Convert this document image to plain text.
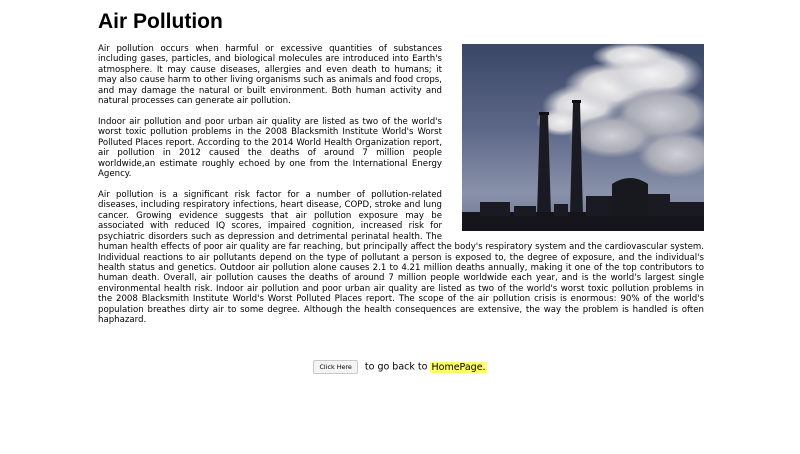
Air Pollution

Air pollution occurs when harmful or excessive quantities of substances including gases, particles, and biological molecules are introduced into Earth's atmosphere. It may cause diseases, allergies and even death to humans; it may also cause harm to other living organisms such as animals and food crops, and may damage the natural or built environment. Both human activity and natural processes can generate air pollution.

Indoor air pollution and poor urban air quality are listed as two of the world's worst toxic pollution problems in the 2008 Blacksmith Institute World's Worst Polluted Places report. According to the 2014 World Health Organization report, air pollution in 2012 caused the deaths of around 7 million people worldwide,an estimate roughly echoed by one from the International Energy Agency.

Air pollution is a significant risk factor for a number of pollution-related diseases, including respiratory infections, heart disease, COPD, stroke and lung cancer. Growing evidence suggests that air pollution exposure may be associated with reduced IQ scores, impaired cognition, increased risk for psychiatric disorders such as depression and detrimental perinatal health. The human health effects of poor air quality are far reaching, but principally affect the body's respiratory system and the cardiovascular system. Individual reactions to air pollutants depend on the type of pollutant a person is exposed to, the degree of exposure, and the individual's health status and genetics. Outdoor air pollution alone causes 2.1 to 4.21 million deaths annually, making it one of the top contributors to human death. Overall, air pollution causes the deaths of around 7 million people worldwide each year, and is the world's largest single environmental health risk. Indoor air pollution and poor urban air quality are listed as two of the world's worst toxic pollution problems in the 2008 Blacksmith Institute World's Worst Polluted Places report. The scope of the air pollution crisis is enormous: 90% of the world's population breathes dirty air to some degree. Although the health consequences are extensive, the way the problem is handled is often haphazard.

Click Here to go back to HomePage.
